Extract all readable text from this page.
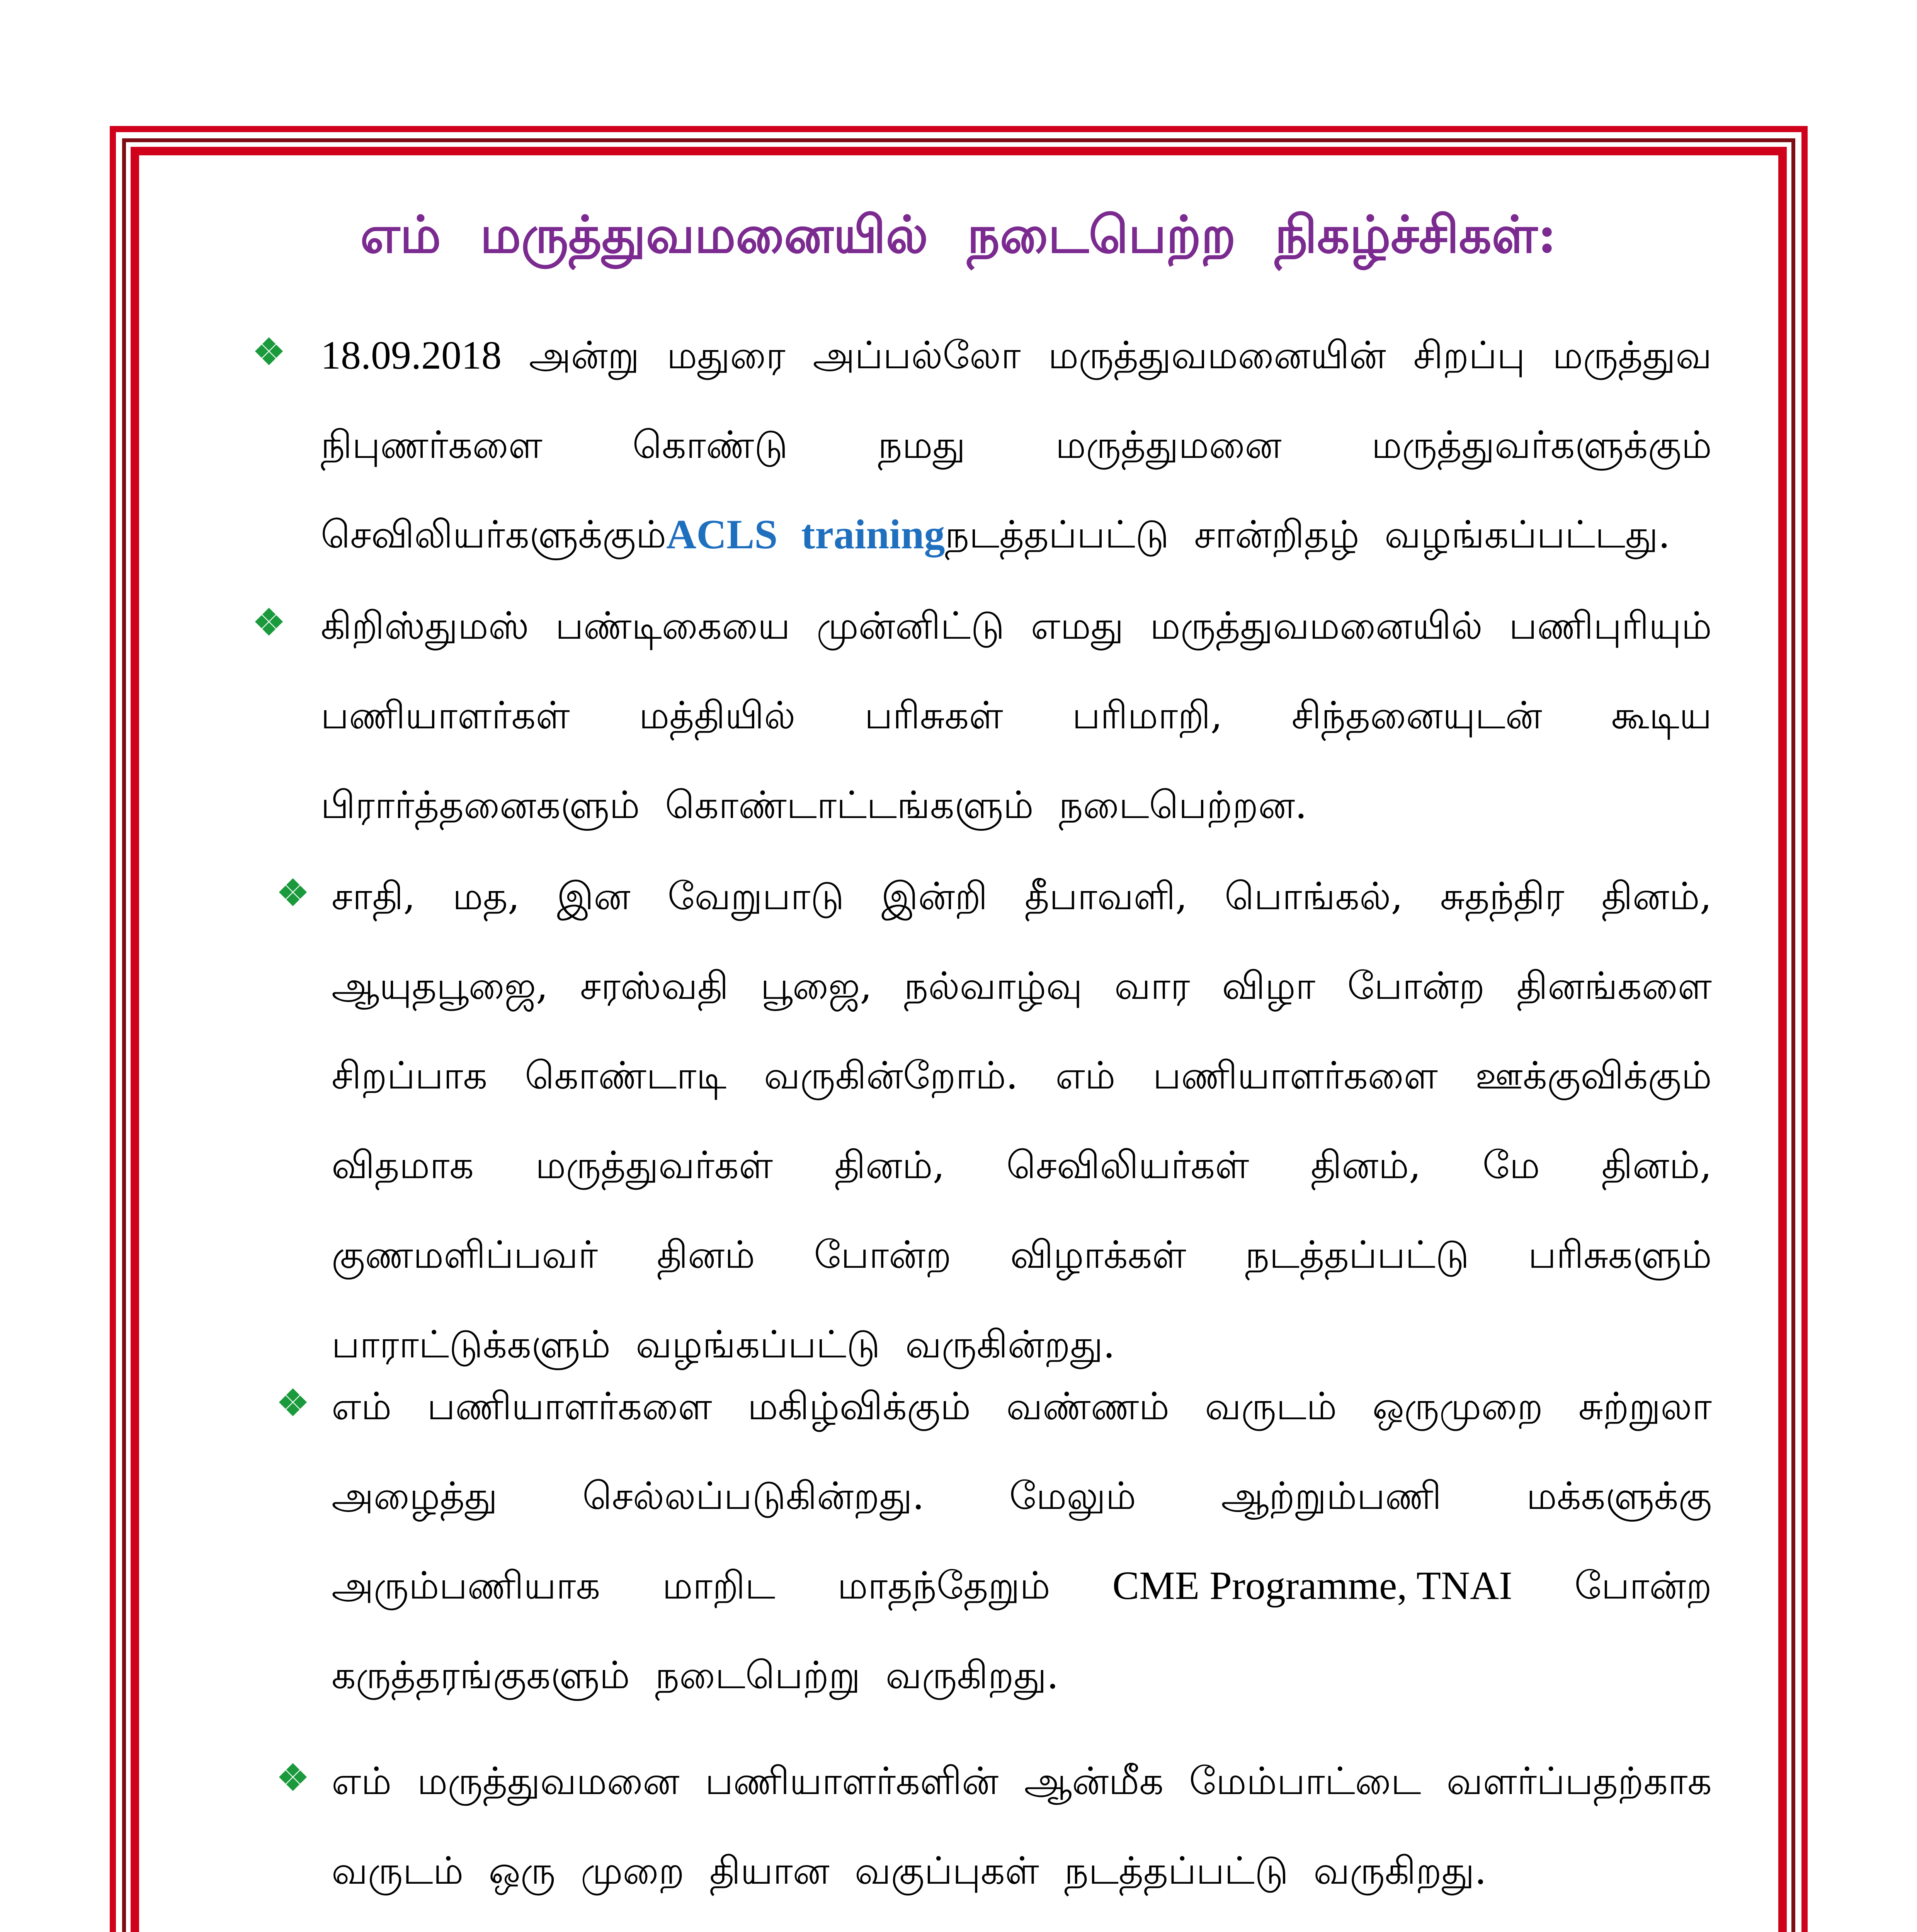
எம் மருத்துவமனையில் நடைபெற்ற நிகழ்ச்சிகள்:
18.09.2018 அன்று மதுரை அப்பல்லோ மருத்துவமனையின் சிறப்பு மருத்துவ
நிபுணர்களை கொண்டு நமது மருத்துமனை மருத்துவர்களுக்கும்
செவிலியர்களுக்கும் ACLS training நடத்தப்பட்டு சான்றிதழ் வழங்கப்பட்டது.
கிறிஸ்துமஸ் பண்டிகையை முன்னிட்டு எமது மருத்துவமனையில் பணிபுரியும்
பணியாளர்கள் மத்தியில் பரிசுகள் பரிமாறி, சிந்தனையுடன் கூடிய
பிரார்த்தனைகளும் கொண்டாட்டங்களும் நடைபெற்றன.
சாதி, மத, இன வேறுபாடு இன்றி தீபாவளி, பொங்கல், சுதந்திர தினம்,
ஆயுதபூஜை, சரஸ்வதி பூஜை, நல்வாழ்வு வார விழா போன்ற தினங்களை
சிறப்பாக கொண்டாடி வருகின்றோம். எம் பணியாளர்களை ஊக்குவிக்கும்
விதமாக மருத்துவர்கள் தினம், செவிலியர்கள் தினம், மே தினம்,
குணமளிப்பவர் தினம் போன்ற விழாக்கள் நடத்தப்பட்டு பரிசுகளும்
பாராட்டுக்களும் வழங்கப்பட்டு வருகின்றது.
எம் பணியாளர்களை மகிழ்விக்கும் வண்ணம் வருடம் ஒருமுறை சுற்றுலா
அழைத்து செல்லப்படுகின்றது. மேலும் ஆற்றும்பணி மக்களுக்கு
அரும்பணியாக மாறிட மாதந்தேறும் CME Programme, TNAI போன்ற
கருத்தரங்குகளும் நடைபெற்று வருகிறது.
எம் மருத்துவமனை பணியாளர்களின் ஆன்மீக மேம்பாட்டை வளர்ப்பதற்காக
வருடம் ஒரு முறை தியான வகுப்புகள் நடத்தப்பட்டு வருகிறது.
